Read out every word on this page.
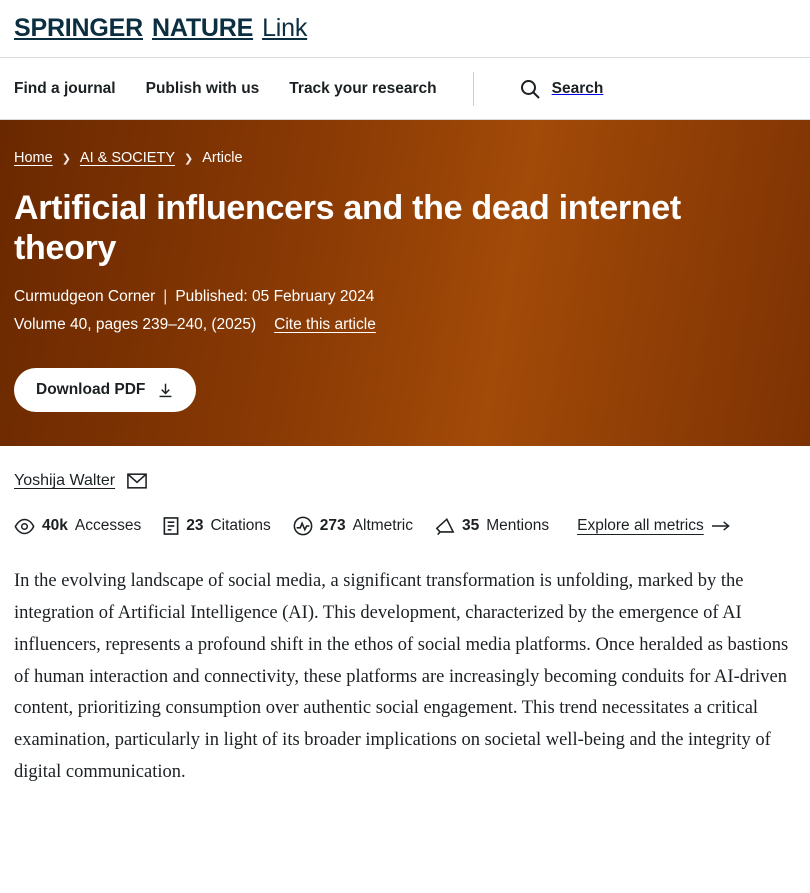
SPRINGER NATURE Link
Find a journal Publish with us Track your research	Search
Home ❯ AI & SOCIETY ❯ Article
Artificial influencers and the dead internet theory
Curmudgeon Corner | Published: 05 February 2024
Volume 40, pages 239–240, (2025) Cite this article
Download PDF
Yoshija Walter
40k Accesses	23 Citations	273 Altmetric	35 Mentions Explore all metrics

In the evolving landscape of social media, a significant transformation is unfolding, marked by the integration of Artificial Intelligence (AI). This development, characterized by the emergence of AI influencers, represents a profound shift in the ethos of social media platforms. Once heralded as bastions of human interaction and connectivity, these platforms are increasingly becoming conduits for AI-driven content, prioritizing consumption over authentic social engagement. This trend necessitates a critical examination, particularly in light of its broader implications on societal well-being and the integrity of digital communication.
